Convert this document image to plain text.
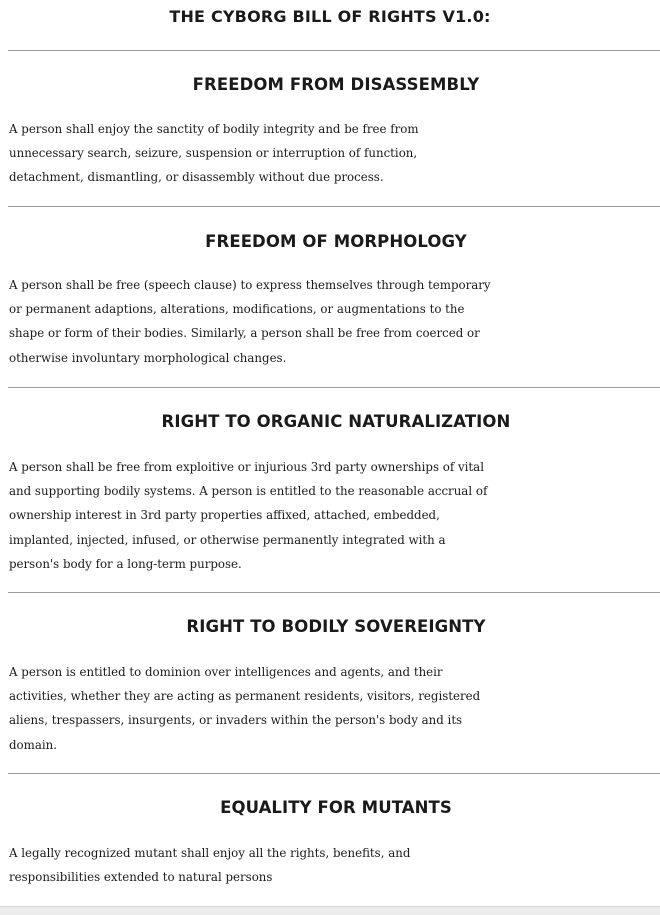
THE CYBORG BILL OF RIGHTS V1.0:
FREEDOM FROM DISASSEMBLY

A person shall enjoy the sanctity of bodily integrity and be free from
unnecessary search, seizure, suspension or interruption of function,
detachment, dismantling, or disassembly without due process.

FREEDOM OF MORPHOLOGY

A person shall be free (speech clause) to express themselves through temporary
or permanent adaptions, alterations, modifications, or augmentations to the
shape or form of their bodies. Similarly, a person shall be free from coerced or
otherwise involuntary morphological changes.

RIGHT TO ORGANIC NATURALIZATION

A person shall be free from exploitive or injurious 3rd party ownerships of vital
and supporting bodily systems. A person is entitled to the reasonable accrual of
ownership interest in 3rd party properties affixed, attached, embedded,
implanted, injected, infused, or otherwise permanently integrated with a
person's body for a long-term purpose.

RIGHT TO BODILY SOVEREIGNTY

A person is entitled to dominion over intelligences and agents, and their
activities, whether they are acting as permanent residents, visitors, registered
aliens, trespassers, insurgents, or invaders within the person's body and its
domain.

EQUALITY FOR MUTANTS

A legally recognized mutant shall enjoy all the rights, benefits, and
responsibilities extended to natural persons
